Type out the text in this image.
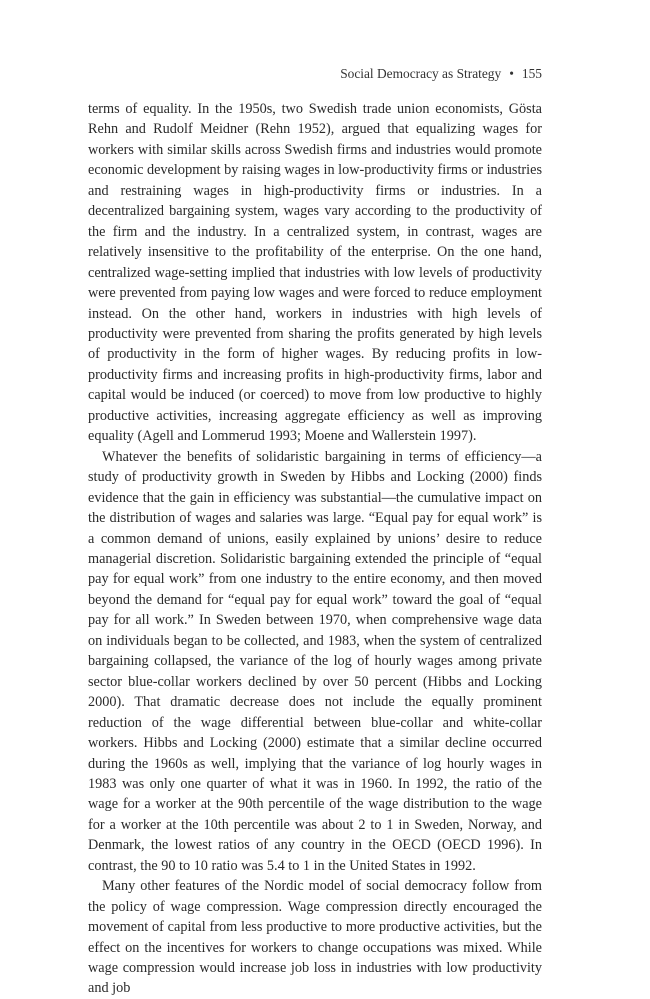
Social Democracy as Strategy • 155

terms of equality. In the 1950s, two Swedish trade union economists, Gösta Rehn and Rudolf Meidner (Rehn 1952), argued that equalizing wages for workers with similar skills across Swedish firms and industries would promote economic development by raising wages in low-productivity firms or industries and restraining wages in high-productivity firms or industries. In a decentralized bargaining system, wages vary according to the productivity of the firm and the industry. In a centralized system, in contrast, wages are relatively insensitive to the profitability of the enterprise. On the one hand, centralized wage-setting implied that industries with low levels of productivity were prevented from paying low wages and were forced to reduce employment instead. On the other hand, workers in industries with high levels of productivity were prevented from sharing the profits generated by high levels of productivity in the form of higher wages. By reducing profits in low-productivity firms and increasing profits in high-productivity firms, labor and capital would be induced (or coerced) to move from low productive to highly productive activities, increasing aggregate efficiency as well as improving equality (Agell and Lommerud 1993; Moene and Wallerstein 1997).

Whatever the benefits of solidaristic bargaining in terms of efficiency—a study of productivity growth in Sweden by Hibbs and Locking (2000) finds evidence that the gain in efficiency was substantial—the cumulative impact on the distribution of wages and salaries was large. “Equal pay for equal work” is a common demand of unions, easily explained by unions’ desire to reduce managerial discretion. Solidaristic bargaining extended the principle of “equal pay for equal work” from one industry to the entire economy, and then moved beyond the demand for “equal pay for equal work” toward the goal of “equal pay for all work.” In Sweden between 1970, when comprehensive wage data on individuals began to be collected, and 1983, when the system of centralized bargaining collapsed, the variance of the log of hourly wages among private sector blue-collar workers declined by over 50 percent (Hibbs and Locking 2000). That dramatic decrease does not include the equally prominent reduction of the wage differential between blue-collar and white-collar workers. Hibbs and Locking (2000) estimate that a similar decline occurred during the 1960s as well, implying that the variance of log hourly wages in 1983 was only one quarter of what it was in 1960. In 1992, the ratio of the wage for a worker at the 90th percentile of the wage distribution to the wage for a worker at the 10th percentile was about 2 to 1 in Sweden, Norway, and Denmark, the lowest ratios of any country in the OECD (OECD 1996). In contrast, the 90 to 10 ratio was 5.4 to 1 in the United States in 1992.

Many other features of the Nordic model of social democracy follow from the policy of wage compression. Wage compression directly encouraged the movement of capital from less productive to more productive activities, but the effect on the incentives for workers to change occupations was mixed. While wage compression would increase job loss in industries with low productivity and job
